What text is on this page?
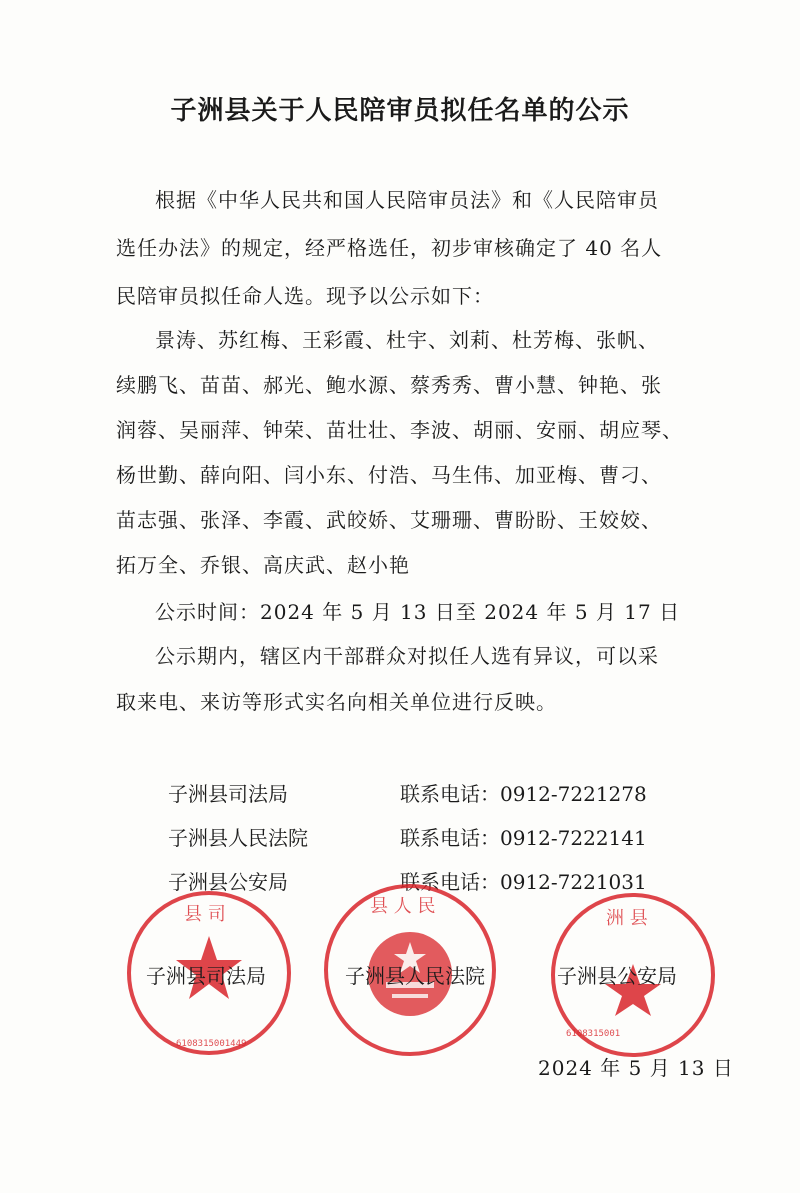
子洲县关于人民陪审员拟任名单的公示
根据《中华人民共和国人民陪审员法》和《人民陪审员
选任办法》的规定，经严格选任，初步审核确定了 40 名人
民陪审员拟任命人选。现予以公示如下：
景涛、苏红梅、王彩霞、杜宇、刘莉、杜芳梅、张帆、
续鹏飞、苗苗、郝光、鲍水源、蔡秀秀、曹小慧、钟艳、张
润蓉、吴丽萍、钟荣、苗壮壮、李波、胡丽、安丽、胡应琴、
杨世勤、薛向阳、闫小东、付浩、马生伟、加亚梅、曹刁、
苗志强、张泽、李霞、武皎娇、艾珊珊、曹盼盼、王姣姣、
拓万全、乔银、高庆武、赵小艳
公示时间：2024 年 5 月 13 日至 2024 年 5 月 17 日
公示期内，辖区内干部群众对拟任人选有异议，可以采
取来电、来访等形式实名向相关单位进行反映。
子洲县司法局	联系电话：0912-7221278
子洲县人民法院	联系电话：0912-7222141
子洲县公安局	联系电话：0912-7221031
县 司
6108315001449
县 人 民
洲 县
6108315001
子洲县司法局	子洲县人民法院	子洲县公安局
2024 年 5 月 13 日
